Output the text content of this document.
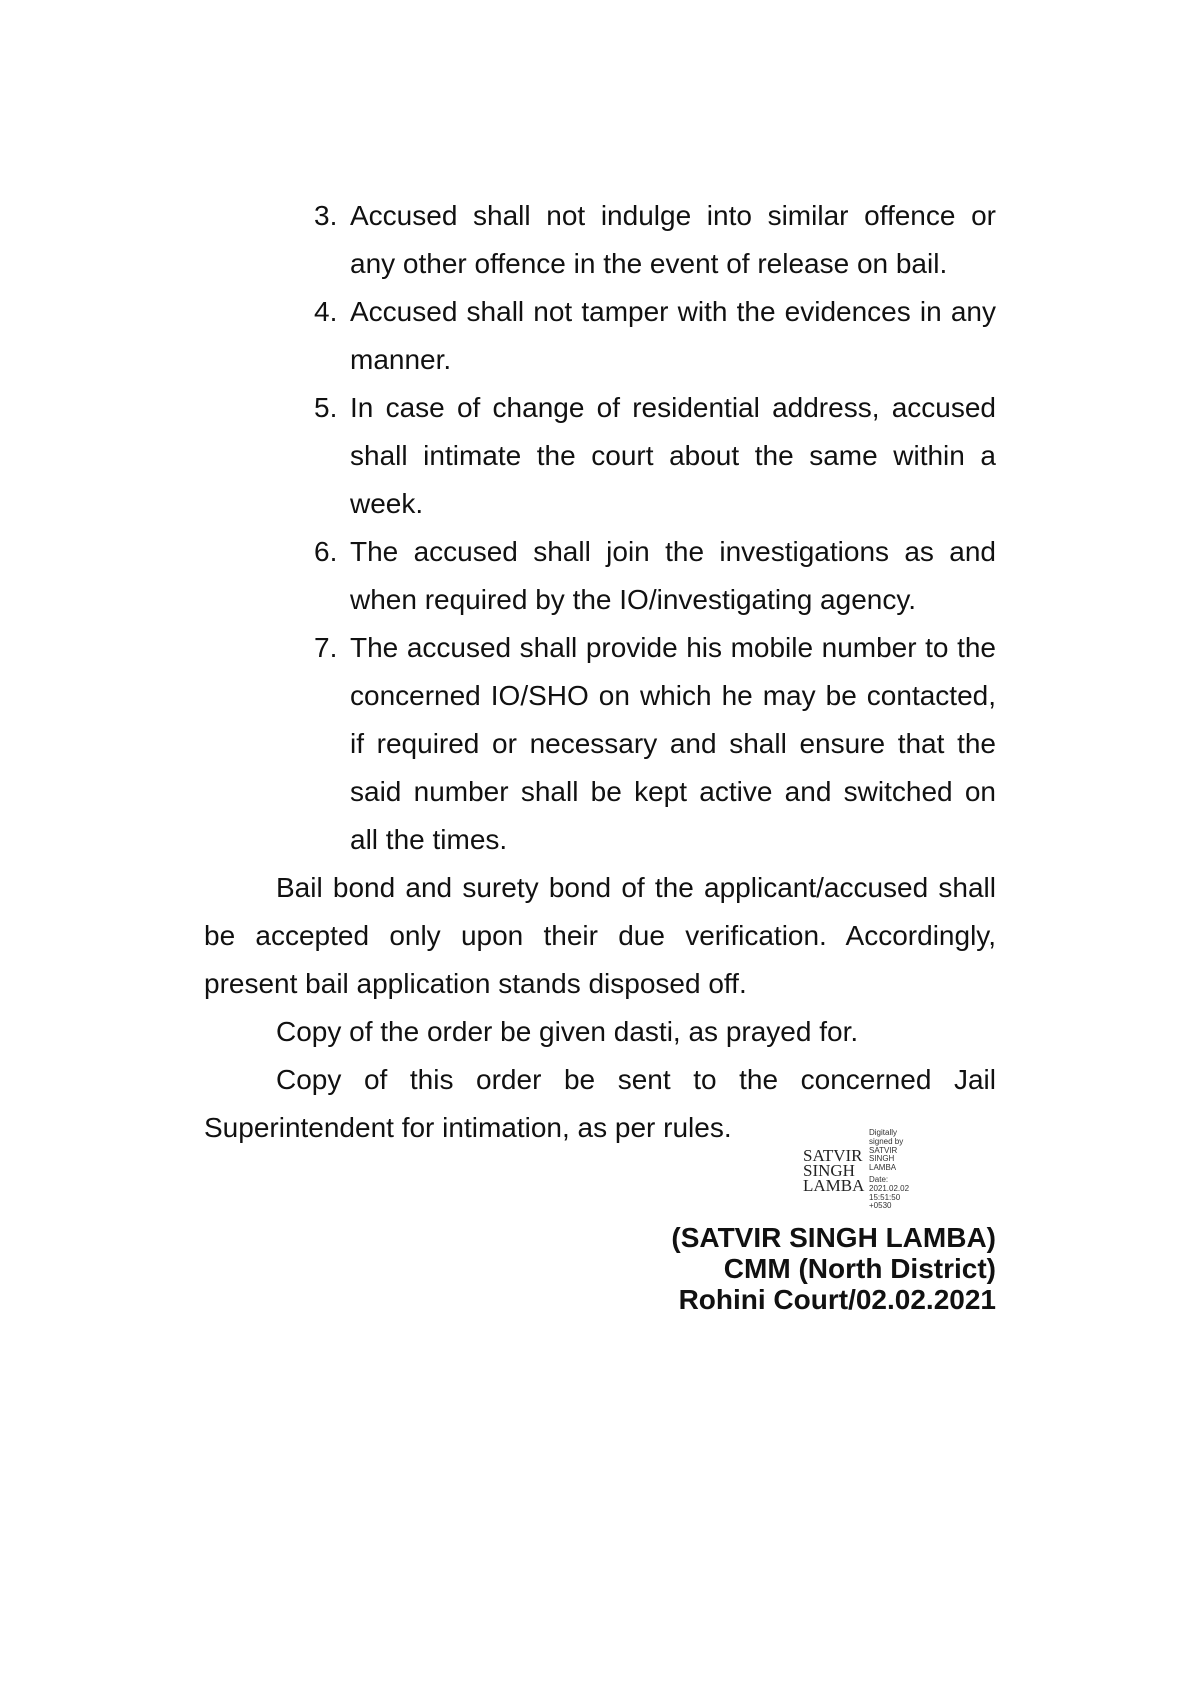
3. Accused shall not indulge into similar offence or
any other offence in the event of release on bail.
4. Accused shall not tamper with the evidences in any
manner.
5. In case of change of residential address, accused
shall intimate the court about the same within a
week.
6. The accused shall join the investigations as and
when required by the IO/investigating agency.
7. The accused shall provide his mobile number to the
concerned IO/SHO on which he may be contacted,
if required or necessary and shall ensure that the
said number shall be kept active and switched on
all the times.
Bail bond and surety bond of the applicant/accused shall
be accepted only upon their due verification. Accordingly,
present bail application stands disposed off.
Copy of the order be given dasti, as prayed for.
Copy of this order be sent to the concerned Jail
Superintendent for intimation, as per rules.
SATVIR
SINGH
LAMBA
Digitally
signed by
SATVIR
SINGH
LAMBA
Date:
2021.02.02
15:51:50
+0530
(SATVIR SINGH LAMBA)
CMM (North District)
Rohini Court/02.02.2021
